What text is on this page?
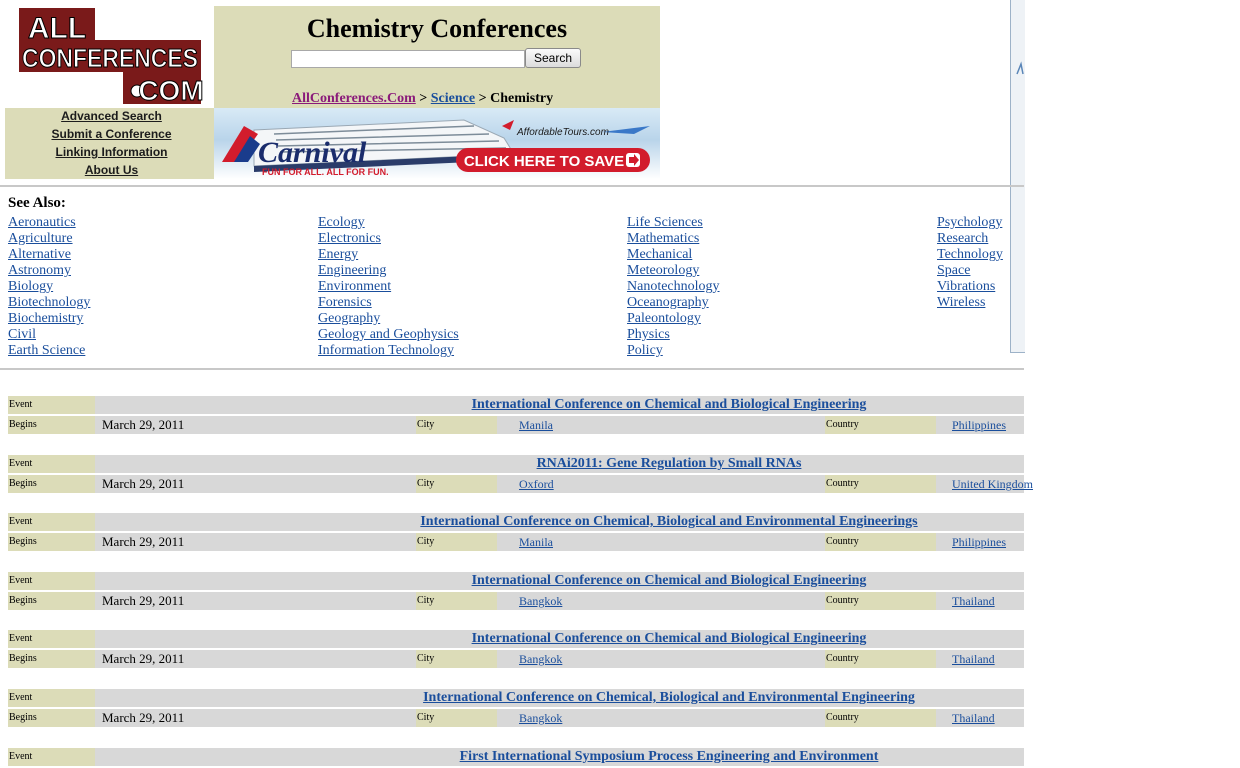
ALL
CONFERENCES
COM
Chemistry Conferences
Search
AllConferences.Com > Science > Chemistry
Advanced Search
Submit a Conference
Linking Information
About Us
Carnival
FUN FOR ALL. ALL FOR FUN.
AffordableTours.com
CLICK HERE TO SAVE
See Also:
Aeronautics
Agriculture
Alternative
Astronomy
Biology
Biotechnology
Biochemistry
Civil
Earth Science
Ecology
Electronics
Energy
Engineering
Environment
Forensics
Geography
Geology and Geophysics
Information Technology
Life Sciences
Mathematics
Mechanical
Meteorology
Nanotechnology
Oceanography
Paleontology
Physics
Policy
Psychology
Research
Technology
Space
Vibrations
Wireless
Event	International Conference on Chemical and Biological Engineering
Begins	March 29, 2011	City	Manila	Country	Philippines
Event	RNAi2011: Gene Regulation by Small RNAs
Begins	March 29, 2011	City	Oxford	Country	United Kingdom
Event	International Conference on Chemical, Biological and Environmental Engineerings
Begins	March 29, 2011	City	Manila	Country	Philippines
Event	International Conference on Chemical and Biological Engineering
Begins	March 29, 2011	City	Bangkok	Country	Thailand
Event	International Conference on Chemical and Biological Engineering
Begins	March 29, 2011	City	Bangkok	Country	Thailand
Event	International Conference on Chemical, Biological and Environmental Engineering
Begins	March 29, 2011	City	Bangkok	Country	Thailand
Event	First International Symposium Process Engineering and Environment
